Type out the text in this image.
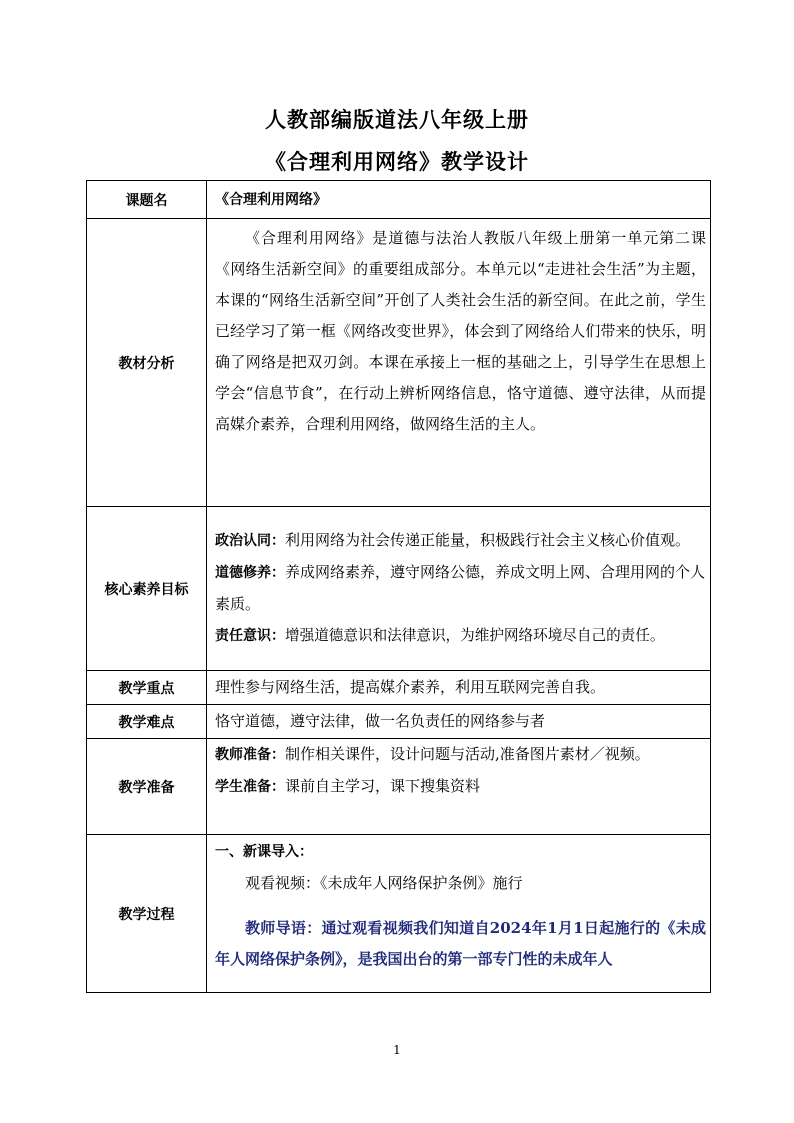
人教部编版道法八年级上册
《合理利用网络》教学设计
课题名	《合理利用网络》
教材分析	《合理利用网络》是道德与法治人教版八年级上册第一单元第二课《网络生活新空间》的重要组成部分。本单元以“走进社会生活”为主题，本课的“网络生活新空间”开创了人类社会生活的新空间。在此之前，学生已经学习了第一框《网络改变世界》，体会到了网络给人们带来的快乐，明确了网络是把双刃剑。本课在承接上一框的基础之上，引导学生在思想上学会“信息节食”，在行动上辨析网络信息，恪守道德、遵守法律，从而提高媒介素养，合理利用网络，做网络生活的主人。

核心素养目标	政治认同：利用网络为社会传递正能量，积极践行社会主义核心价值观。
道德修养：养成网络素养，遵守网络公德，养成文明上网、合理用网的个人素质。
责任意识：增强道德意识和法律意识，为维护网络环境尽自己的责任。

教学重点	理性参与网络生活，提高媒介素养，利用互联网完善自我。
教学难点	恪守道德，遵守法律，做一名负责任的网络参与者
教学准备	教师准备：制作相关课件，设计问题与活动,准备图片素材／视频。
学生准备：课前自主学习，课下搜集资料

教学过程	一、新课导入：
观看视频：《未成年人网络保护条例》施行
教师导语：通过观看视频我们知道自2024年1月1日起施行的《未成年人网络保护条例》，是我国出台的第一部专门性的未成年人
1
